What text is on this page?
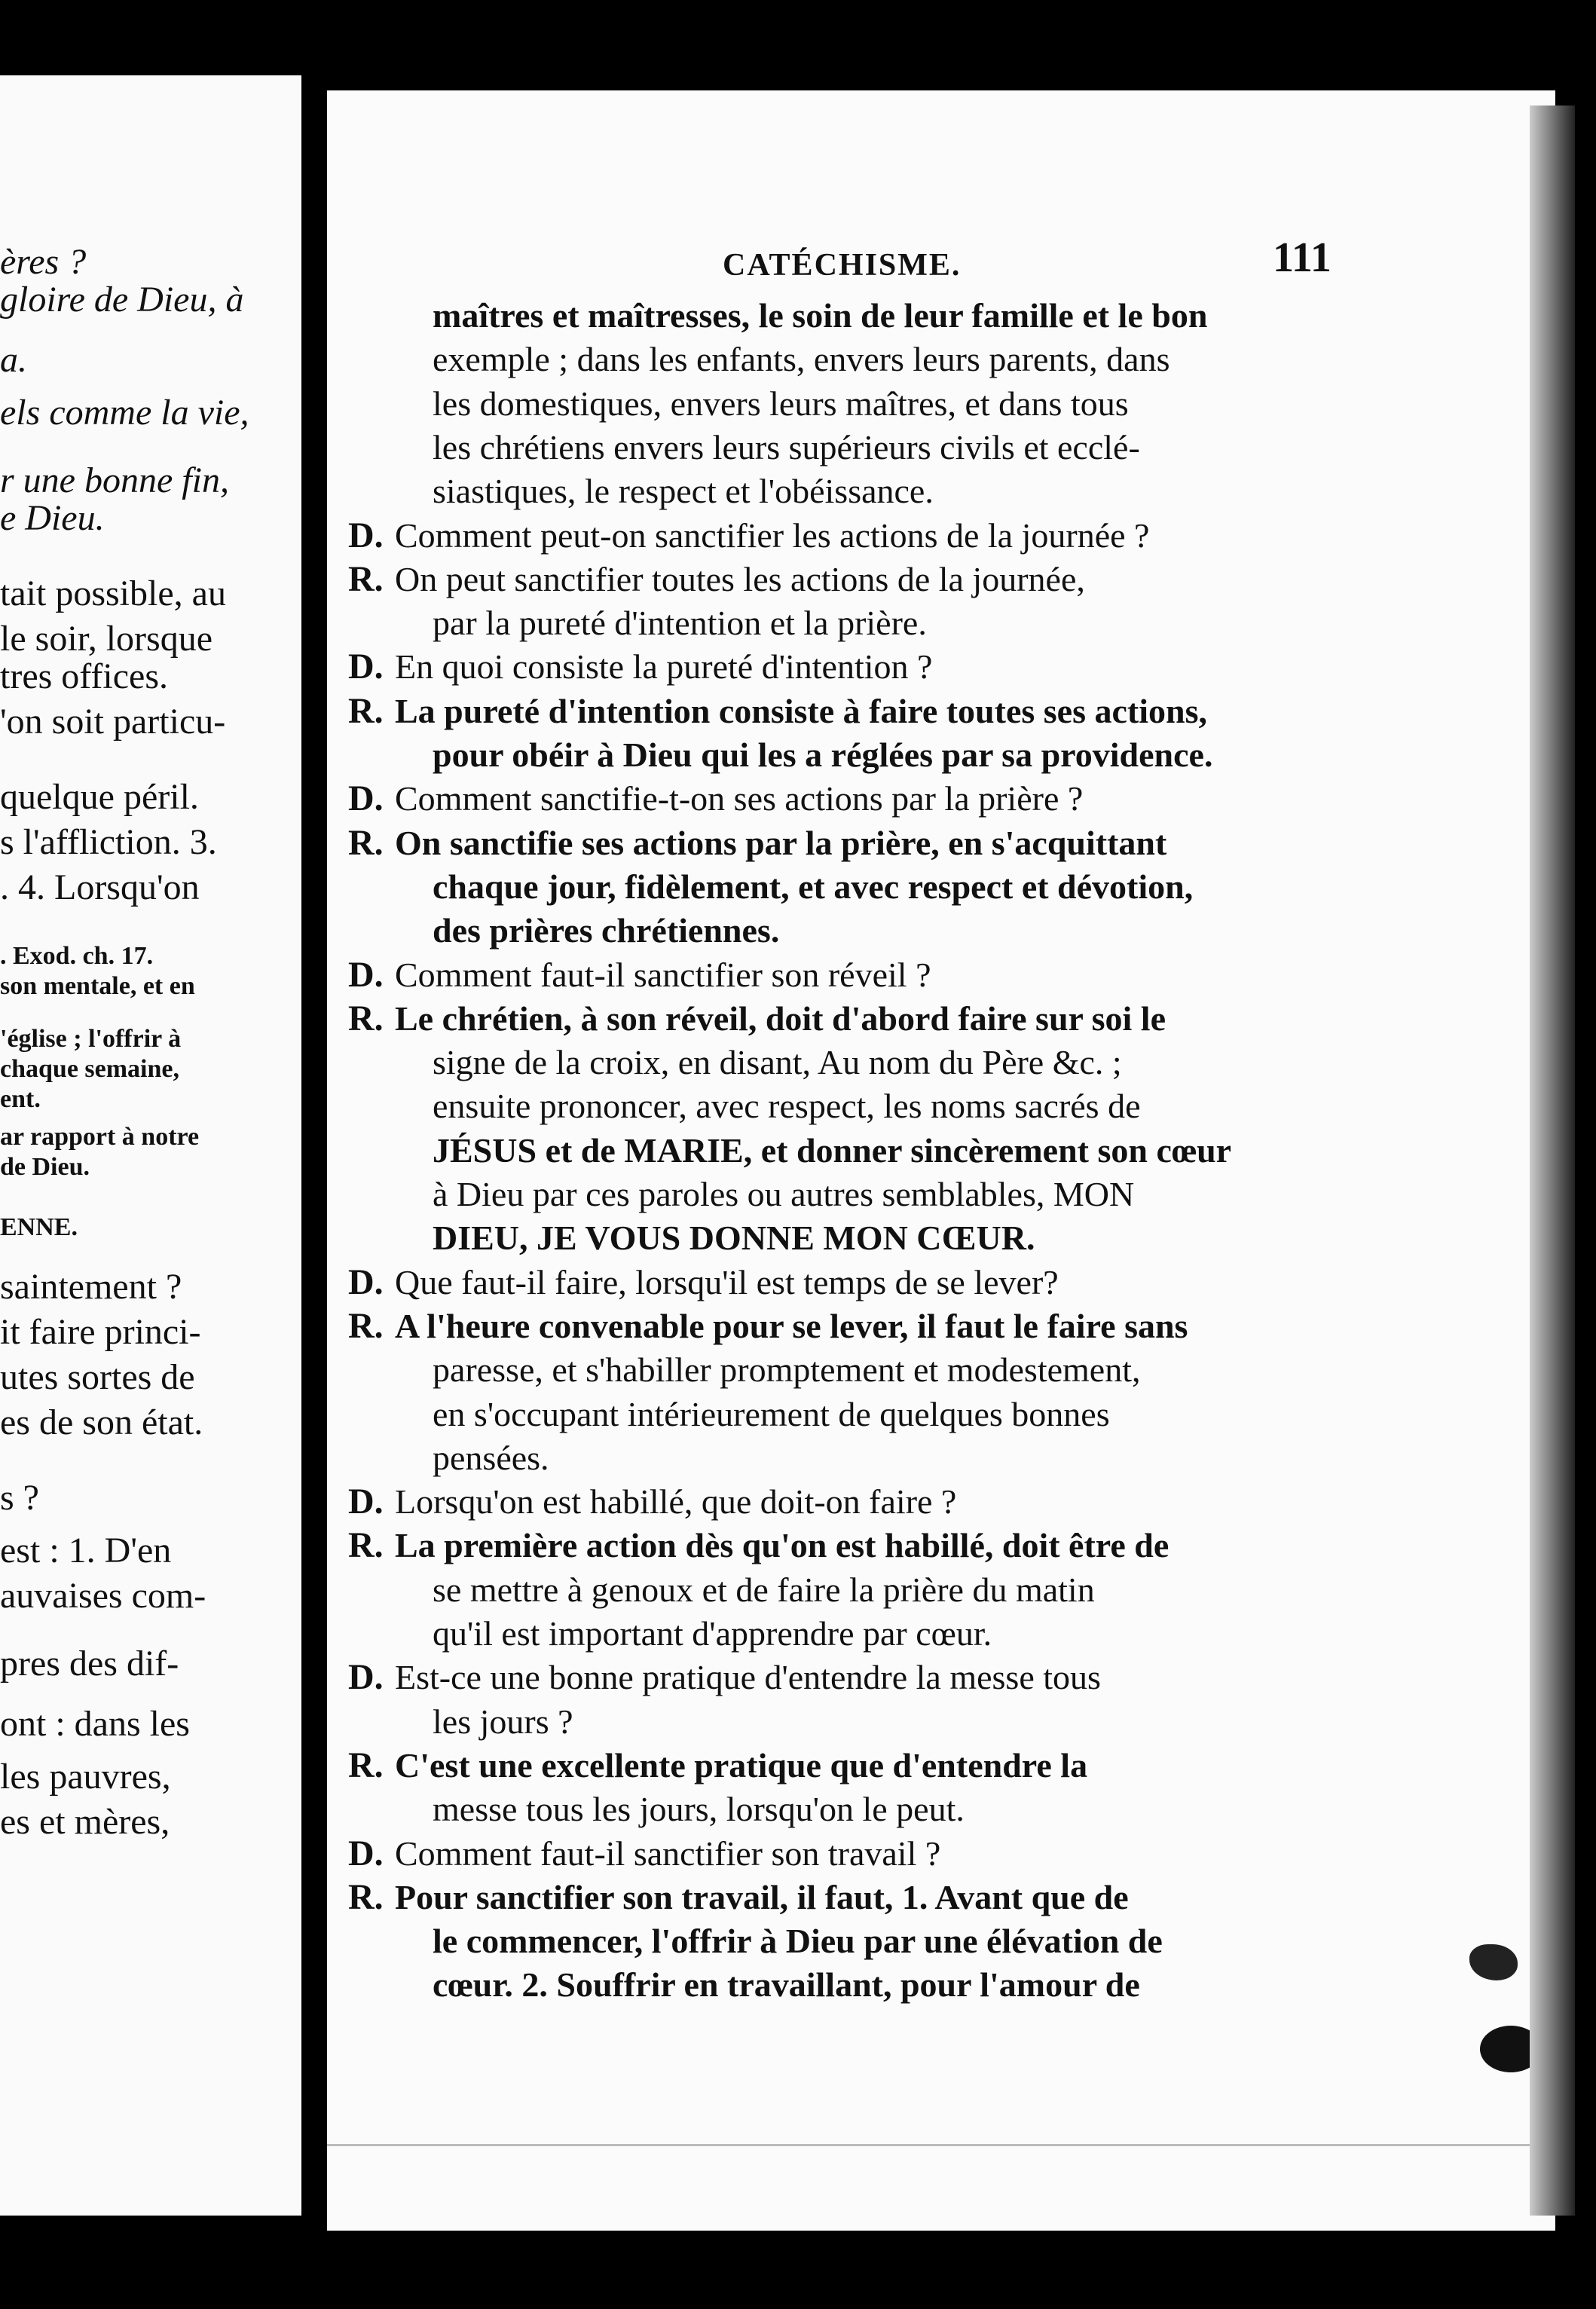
ères ?
gloire de Dieu, à
a.
els comme la vie,
r une bonne fin,
e Dieu.
tait possible, au
le soir, lorsque
tres offices.
'on soit particu-
quelque péril.
s l'affliction. 3.
. 4. Lorsqu'on
. Exod. ch. 17.
son mentale, et en
'église ; l'offrir à
chaque semaine,
ent.
ar rapport à notre
de Dieu.
ENNE.
saintement ?
it faire princi-
utes sortes de
es de son état.
s ?
est : 1. D'en
auvaises com-
pres des dif-
ont : dans les
les pauvres,
es et mères,
CATÉCHISME.	111
maîtres et maîtresses, le soin de leur famille et le bon
exemple ; dans les enfants, envers leurs parents, dans
les domestiques, envers leurs maîtres, et dans tous
les chrétiens envers leurs supérieurs civils et ecclé-
siastiques, le respect et l'obéissance.
D. Comment peut-on sanctifier les actions de la journée ?
R. On peut sanctifier toutes les actions de la journée,
par la pureté d'intention et la prière.
D. En quoi consiste la pureté d'intention ?
R. La pureté d'intention consiste à faire toutes ses actions,
pour obéir à Dieu qui les a réglées par sa providence.
D. Comment sanctifie-t-on ses actions par la prière ?
R. On sanctifie ses actions par la prière, en s'acquittant
chaque jour, fidèlement, et avec respect et dévotion,
des prières chrétiennes.
D. Comment faut-il sanctifier son réveil ?
R. Le chrétien, à son réveil, doit d'abord faire sur soi le
signe de la croix, en disant, Au nom du Père &c. ;
ensuite prononcer, avec respect, les noms sacrés de
JÉSUS et de MARIE, et donner sincèrement son cœur
à Dieu par ces paroles ou autres semblables, MON
DIEU, JE VOUS DONNE MON CŒUR.
D. Que faut-il faire, lorsqu'il est temps de se lever?
R. A l'heure convenable pour se lever, il faut le faire sans
paresse, et s'habiller promptement et modestement,
en s'occupant intérieurement de quelques bonnes
pensées.
D. Lorsqu'on est habillé, que doit-on faire ?
R. La première action dès qu'on est habillé, doit être de
se mettre à genoux et de faire la prière du matin
qu'il est important d'apprendre par cœur.
D. Est-ce une bonne pratique d'entendre la messe tous
les jours ?
R. C'est une excellente pratique que d'entendre la
messe tous les jours, lorsqu'on le peut.
D. Comment faut-il sanctifier son travail ?
R. Pour sanctifier son travail, il faut, 1. Avant que de
le commencer, l'offrir à Dieu par une élévation de
cœur. 2. Souffrir en travaillant, pour l'amour de
